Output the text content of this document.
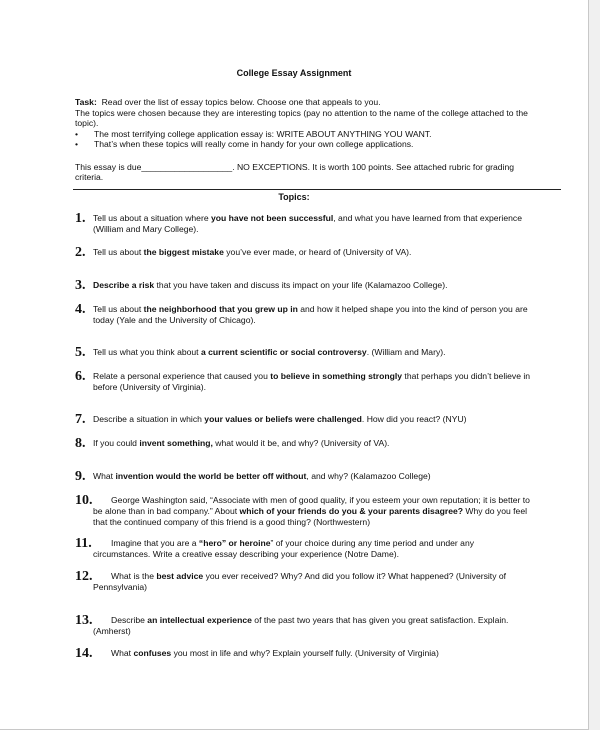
College Essay Assignment

Task: Read over the list of essay topics below. Choose one that appeals to you.

The topics were chosen because they are interesting topics (pay no attention to the name of the college attached to the topic).

• The most terrifying college application essay is: WRITE ABOUT ANYTHING YOU WANT.
• That’s when these topics will really come in handy for your own college applications.

This essay is due___________________. NO EXCEPTIONS. It is worth 100 points. See attached rubric for grading criteria.

Topics:
1. Tell us about a situation where you have not been successful, and what you have learned from that experience (William and Mary College).
2. Tell us about the biggest mistake you’ve ever made, or heard of (University of VA).
3. Describe a risk that you have taken and discuss its impact on your life (Kalamazoo College).
4. Tell us about the neighborhood that you grew up in and how it helped shape you into the kind of person you are today (Yale and the University of Chicago).
5. Tell us what you think about a current scientific or social controversy. (William and Mary).
6. Relate a personal experience that caused you to believe in something strongly that perhaps you didn’t believe in before (University of Virginia).
7. Describe a situation in which your values or beliefs were challenged. How did you react? (NYU)
8. If you could invent something, what would it be, and why? (University of VA).
9. What invention would the world be better off without, and why? (Kalamazoo College)
10.	George Washington said, “Associate with men of good quality, if you esteem your own reputation; it is better to be alone than in bad company.” About which of your friends do you & your parents disagree? Why do you feel that the continued company of this friend is a good thing? (Northwestern)
11.	Imagine that you are a “hero” or heroine” of your choice during any time period and under any circumstances. Write a creative essay describing your experience (Notre Dame).
12.	What is the best advice you ever received? Why? And did you follow it? What happened? (University of Pennsylvania)
13.	Describe an intellectual experience of the past two years that has given you great satisfaction. Explain. (Amherst)
14.	What confuses you most in life and why? Explain yourself fully. (University of Virginia)
